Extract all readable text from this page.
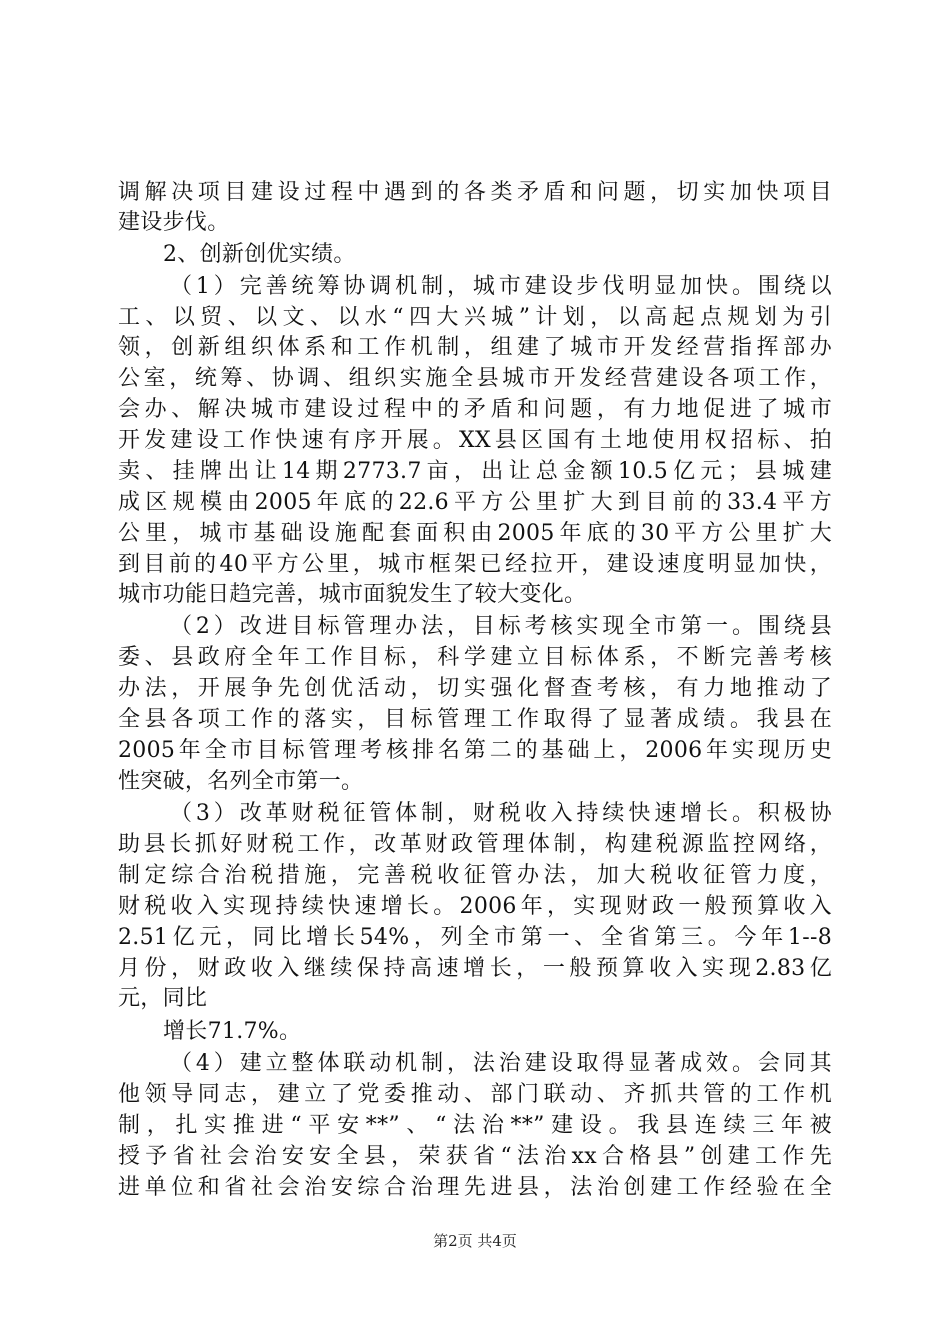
调解决项目建设过程中遇到的各类矛盾和问题，切实加快项目
建设步伐。
2、创新创优实绩。
（1）完善统筹协调机制，城市建设步伐明显加快。围绕以
工、以贸、以文、以水“四大兴城”计划，以高起点规划为引
领，创新组织体系和工作机制，组建了城市开发经营指挥部办
公室，统筹、协调、组织实施全县城市开发经营建设各项工作，
会办、解决城市建设过程中的矛盾和问题，有力地促进了城市
开发建设工作快速有序开展。XX县区国有土地使用权招标、拍
卖、挂牌出让14期2773.7亩，出让总金额10.5亿元；县城建
成区规模由2005年底的22.6平方公里扩大到目前的33.4平方
公里，城市基础设施配套面积由2005年底的30平方公里扩大
到目前的40平方公里，城市框架已经拉开，建设速度明显加快，
城市功能日趋完善，城市面貌发生了较大变化。
（2）改进目标管理办法，目标考核实现全市第一。围绕县
委、县政府全年工作目标，科学建立目标体系，不断完善考核
办法，开展争先创优活动，切实强化督查考核，有力地推动了
全县各项工作的落实，目标管理工作取得了显著成绩。我县在
2005年全市目标管理考核排名第二的基础上，2006年实现历史
性突破，名列全市第一。
（3）改革财税征管体制，财税收入持续快速增长。积极协
助县长抓好财税工作，改革财政管理体制，构建税源监控网络，
制定综合治税措施，完善税收征管办法，加大税收征管力度，
财税收入实现持续快速增长。2006年，实现财政一般预算收入
2.51亿元，同比增长54%，列全市第一、全省第三。今年1--8
月份，财政收入继续保持高速增长，一般预算收入实现2.83亿
元，同比
增长71.7%。
（4）建立整体联动机制，法治建设取得显著成效。会同其
他领导同志，建立了党委推动、部门联动、齐抓共管的工作机
制，扎实推进“平安**”、“法治**”建设。我县连续三年被
授予省社会治安安全县，荣获省“法治xx合格县”创建工作先
进单位和省社会治安综合治理先进县，法治创建工作经验在全
第2页 共4页
